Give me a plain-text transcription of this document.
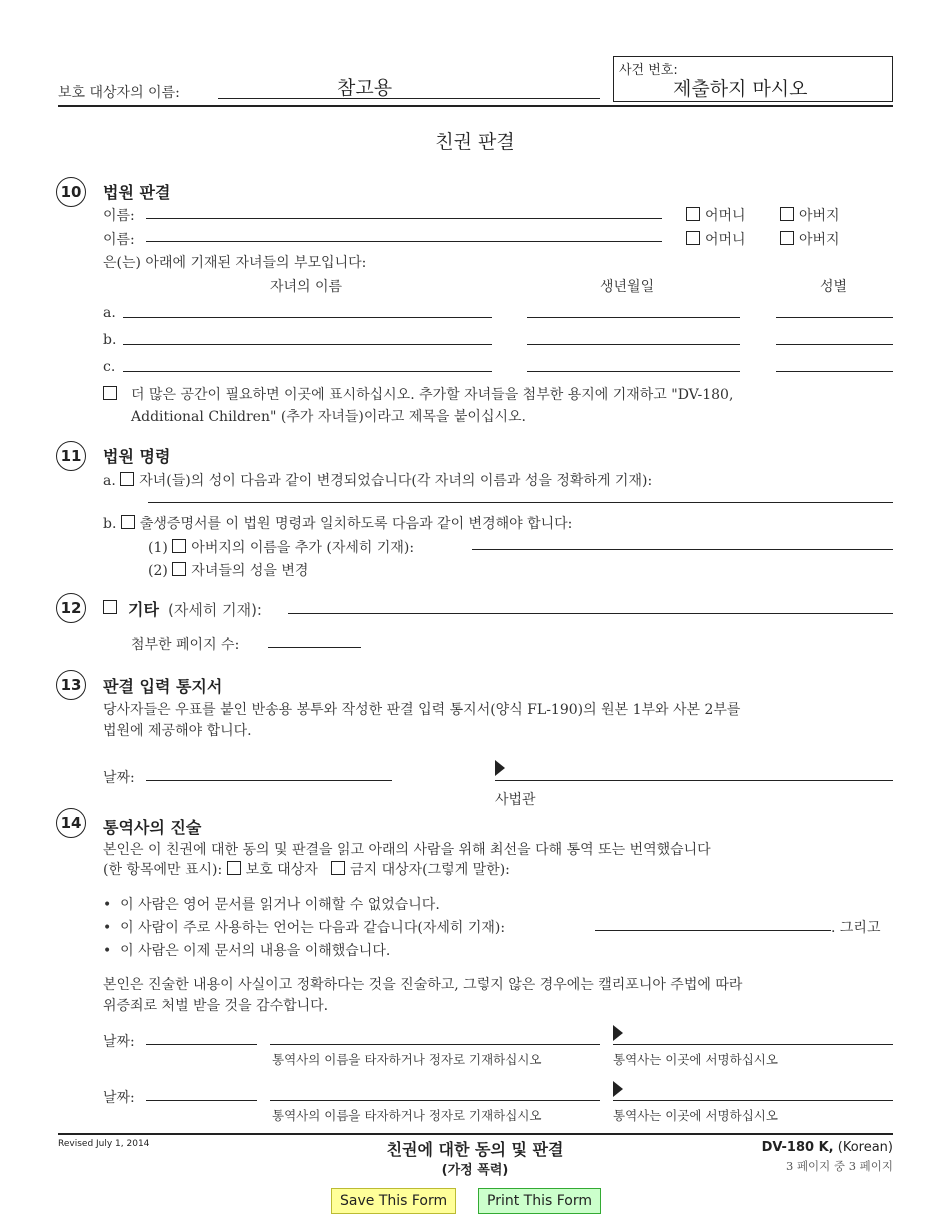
보호 대상자의 이름:	참고용
사건 번호:
제출하지 마시오
친권 판결
10 법원 판결
이름:	어머니	아버지
이름:	어머니	아버지
은(는) 아래에 기재된 자녀들의 부모입니다:
자녀의 이름	생년월일	성별
a.
b.
c.
더 많은 공간이 필요하면 이곳에 표시하십시오. 추가할 자녀들을 첨부한 용지에 기재하고 "DV-180,
Additional Children" (추가 자녀들)이라고 제목을 붙이십시오.
11 법원 명령
a. 자녀(들)의 성이 다음과 같이 변경되었습니다(각 자녀의 이름과 성을 정확하게 기재):
b. 출생증명서를 이 법원 명령과 일치하도록 다음과 같이 변경해야 합니다:
(1) 아버지의 이름을 추가 (자세히 기재):
(2) 자녀들의 성을 변경
12	기타 (자세히 기재):
첨부한 페이지 수:
13 판결 입력 통지서
당사자들은 우표를 붙인 반송용 봉투와 작성한 판결 입력 통지서(양식 FL-190)의 원본 1부와 사본 2부를
법원에 제공해야 합니다.
날짜:
사법관
14 통역사의 진술
본인은 이 친권에 대한 동의 및 판결을 읽고 아래의 사람을 위해 최선을 다해 통역 또는 번역했습니다
(한 항목에만 표시): 보호 대상자 금지 대상자(그렇게 말한):
•  이 사람은 영어 문서를 읽거나 이해할 수 없었습니다.
•  이 사람이 주로 사용하는 언어는 다음과 같습니다(자세히 기재):	. 그리고
•  이 사람은 이제 문서의 내용을 이해했습니다.
본인은 진술한 내용이 사실이고 정확하다는 것을 진술하고, 그렇지 않은 경우에는 캘리포니아 주법에 따라
위증죄로 처벌 받을 것을 감수합니다.
날짜:
통역사의 이름을 타자하거나 정자로 기재하십시오	통역사는 이곳에 서명하십시오
날짜:
통역사의 이름을 타자하거나 정자로 기재하십시오	통역사는 이곳에 서명하십시오
Revised July 1, 2014	친권에 대한 동의 및 판결
(가정 폭력)
DV-180 K, (Korean)
3 페이지 중 3 페이지
Save This Form	Print This Form
